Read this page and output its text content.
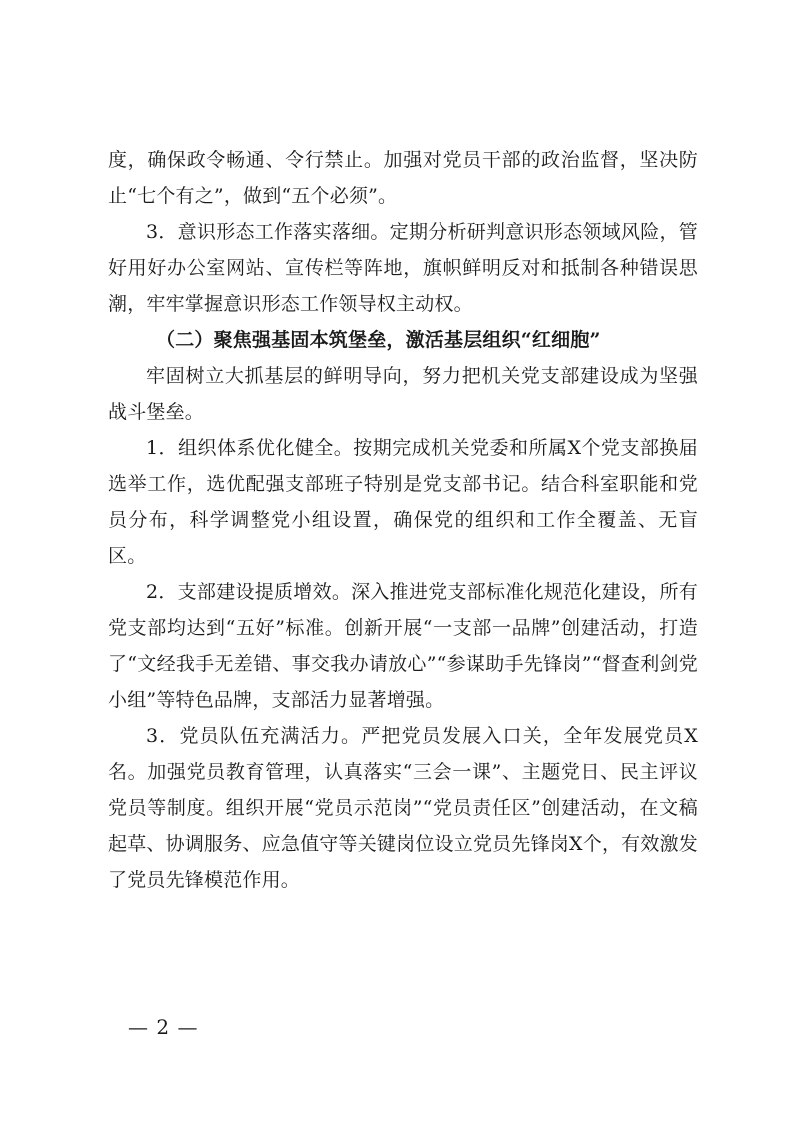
度，确保政令畅通、令行禁止。加强对党员干部的政治监督，坚决防止“七个有之”，做到“五个必须”。

3．意识形态工作落实落细。定期分析研判意识形态领域风险，管好用好办公室网站、宣传栏等阵地，旗帜鲜明反对和抵制各种错误思潮，牢牢掌握意识形态工作领导权主动权。

（二）聚焦强基固本筑堡垒，激活基层组织“红细胞”

牢固树立大抓基层的鲜明导向，努力把机关党支部建设成为坚强战斗堡垒。

1．组织体系优化健全。按期完成机关党委和所属X个党支部换届选举工作，选优配强支部班子特别是党支部书记。结合科室职能和党员分布，科学调整党小组设置，确保党的组织和工作全覆盖、无盲区。

2．支部建设提质增效。深入推进党支部标准化规范化建设，所有党支部均达到“五好”标准。创新开展“一支部一品牌”创建活动，打造了“文经我手无差错、事交我办请放心”“参谋助手先锋岗”“督查利剑党小组”等特色品牌，支部活力显著增强。

3．党员队伍充满活力。严把党员发展入口关，全年发展党员X名。加强党员教育管理，认真落实“三会一课”、主题党日、民主评议党员等制度。组织开展“党员示范岗”“党员责任区”创建活动，在文稿起草、协调服务、应急值守等关键岗位设立党员先锋岗X个，有效激发了党员先锋模范作用。

— 2 —
